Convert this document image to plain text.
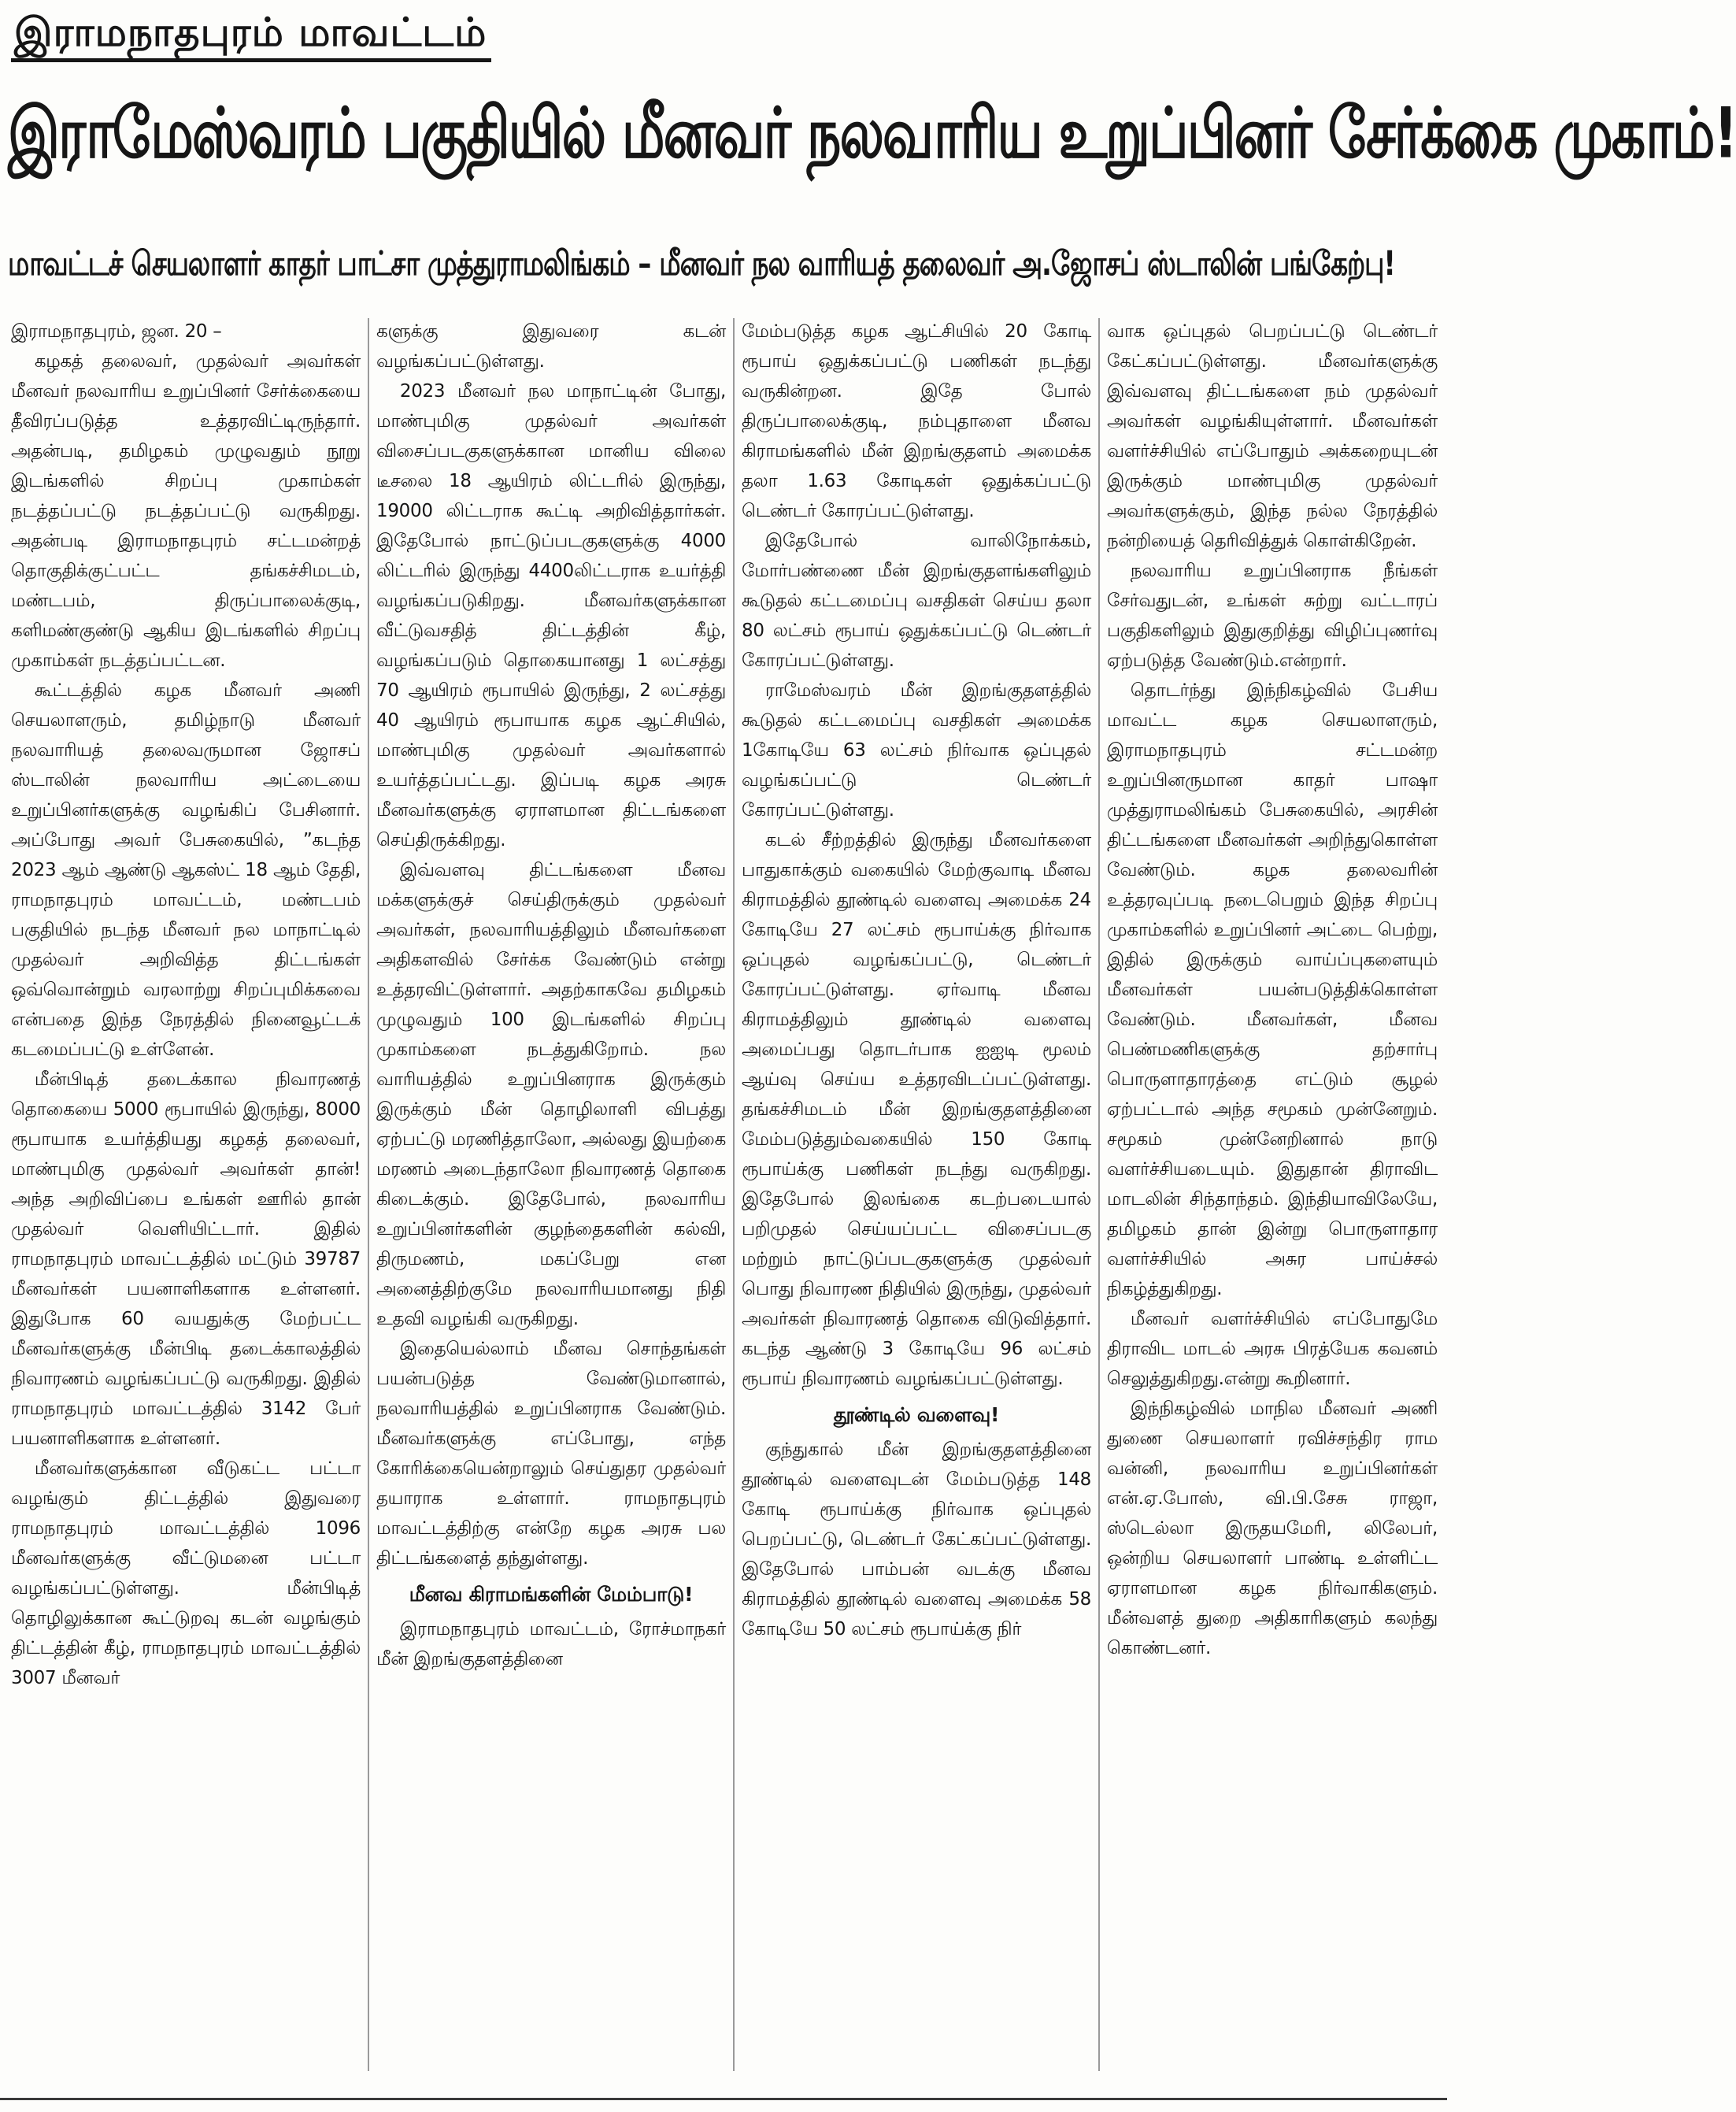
இராமநாதபுரம் மாவட்டம்
இராமேஸ்வரம் பகுதியில் மீனவர் நலவாரிய உறுப்பினர் சேர்க்கை முகாம்!
மாவட்டச் செயலாளர் காதர் பாட்சா முத்துராமலிங்கம் – மீனவர் நல வாரியத் தலைவர் அ.ஜோசப் ஸ்டாலின் பங்கேற்பு!

இராமநாதபுரம், ஜன. 20 –

கழகத் தலைவர், முதல்வர் அவர்கள் மீனவர் நலவாரிய உறுப்பினர் சேர்க்கையை தீவிரப்படுத்த உத்தரவிட்டிருந்தார். அதன்படி, தமிழகம் முழுவதும் நூறு இடங்களில் சிறப்பு முகாம்கள் நடத்தப்பட்டு நடத்தப்பட்டு வருகிறது. அதன்படி இராமநாதபுரம் சட்டமன்றத் தொகுதிக்குட்பட்ட தங்கச்சிமடம், மண்டபம், திருப்பாலைக்குடி, களிமண்குண்டு ஆகிய இடங்களில் சிறப்பு முகாம்கள் நடத்தப்பட்டன.

கூட்டத்தில் கழக மீனவர் அணி செயலாளரும், தமிழ்நாடு மீனவர் நலவாரியத் தலைவருமான ஜோசப் ஸ்டாலின் நலவாரிய அட்டையை உறுப்பினர்களுக்கு வழங்கிப் பேசினார். அப்போது அவர் பேசுகையில், ”கடந்த 2023 ஆம் ஆண்டு ஆகஸ்ட் 18 ஆம் தேதி, ராமநாதபுரம் மாவட்டம், மண்டபம் பகுதியில் நடந்த மீனவர் நல மாநாட்டில் முதல்வர் அறிவித்த திட்டங்கள் ஒவ்வொன்றும் வரலாற்று சிறப்புமிக்கவை என்பதை இந்த நேரத்தில் நினைவூட்டக் கடமைப்பட்டு உள்ளேன்.

மீன்பிடித் தடைக்கால நிவாரணத் தொகையை 5000 ரூபாயில் இருந்து, 8000 ரூபாயாக உயர்த்தியது கழகத் தலைவர், மாண்புமிகு முதல்வர் அவர்கள் தான்! அந்த அறிவிப்பை உங்கள் ஊரில் தான் முதல்வர் வெளியிட்டார். இதில் ராமநாதபுரம் மாவட்டத்தில் மட்டும் 39787 மீனவர்கள் பயனாளிகளாக உள்ளனர். இதுபோக 60 வயதுக்கு மேற்பட்ட மீனவர்களுக்கு மீன்பிடி தடைக்காலத்தில் நிவாரணம் வழங்கப்பட்டு வருகிறது. இதில் ராமநாதபுரம் மாவட்டத்தில் 3142 பேர் பயனாளிகளாக உள்ளனர்.

மீனவர்களுக்கான வீடுகட்ட பட்டா வழங்கும் திட்டத்தில் இதுவரை ராமநாதபுரம் மாவட்டத்தில் 1096 மீனவர்களுக்கு வீட்டுமனை பட்டா வழங்கப்பட்டுள்ளது. மீன்பிடித் தொழிலுக்கான கூட்டுறவு கடன் வழங்கும் திட்டத்தின் கீழ், ராமநாதபுரம் மாவட்டத்தில் 3007 மீனவர்

களுக்கு இதுவரை கடன் வழங்கப்பட்டுள்ளது.

2023 மீனவர் நல மாநாட்டின் போது, மாண்புமிகு முதல்வர் அவர்கள் விசைப்படகுகளுக்கான மானிய விலை டீசலை 18 ஆயிரம் லிட்டரில் இருந்து, 19000 லிட்டராக கூட்டி அறிவித்தார்கள். இதேபோல் நாட்டுப்படகுகளுக்கு 4000 லிட்டரில் இருந்து 4400லிட்டராக உயர்த்தி வழங்கப்படுகிறது. மீனவர்களுக்கான வீட்டுவசதித் திட்டத்தின் கீழ், வழங்கப்படும் தொகையானது 1 லட்சத்து 70 ஆயிரம் ரூபாயில் இருந்து, 2 லட்சத்து 40 ஆயிரம் ரூபாயாக கழக ஆட்சியில், மாண்புமிகு முதல்வர் அவர்களால் உயர்த்தப்பட்டது. இப்படி கழக அரசு மீனவர்களுக்கு ஏராளமான திட்டங்களை செய்திருக்கிறது.

இவ்வளவு திட்டங்களை மீனவ மக்களுக்குச் செய்திருக்கும் முதல்வர் அவர்கள், நலவாரியத்திலும் மீனவர்களை அதிகளவில் சேர்க்க வேண்டும் என்று உத்தரவிட்டுள்ளார். அதற்காகவே தமிழகம் முழுவதும் 100 இடங்களில் சிறப்பு முகாம்களை நடத்துகிறோம். நல வாரியத்தில் உறுப்பினராக இருக்கும் இருக்கும் மீன் தொழிலாளி விபத்து ஏற்பட்டு மரணித்தாலோ, அல்லது இயற்கை மரணம் அடைந்தாலோ நிவாரணத் தொகை கிடைக்கும். இதேபோல், நலவாரிய உறுப்பினர்களின் குழந்தைகளின் கல்வி, திருமணம், மகப்பேறு என அனைத்திற்குமே நலவாரியமானது நிதி உதவி வழங்கி வருகிறது.

இதையெல்லாம் மீனவ சொந்தங்கள் பயன்படுத்த வேண்டுமானால், நலவாரியத்தில் உறுப்பினராக வேண்டும். மீனவர்களுக்கு எப்போது, எந்த கோரிக்கையென்றாலும் செய்துதர முதல்வர் தயாராக உள்ளார். ராமநாதபுரம் மாவட்டத்திற்கு என்றே கழக அரசு பல திட்டங்களைத் தந்துள்ளது.

மீனவ கிராமங்களின் மேம்பாடு!

இராமநாதபுரம் மாவட்டம், ரோச்மாநகர் மீன் இறங்குதளத்தினை

மேம்படுத்த கழக ஆட்சியில் 20 கோடி ரூபாய் ஒதுக்கப்பட்டு பணிகள் நடந்து வருகின்றன. இதே போல் திருப்பாலைக்குடி, நம்புதாளை மீனவ கிராமங்களில் மீன் இறங்குதளம் அமைக்க தலா 1.63 கோடிகள் ஒதுக்கப்பட்டு டெண்டர் கோரப்பட்டுள்ளது.

இதேபோல் வாலிநோக்கம், மோர்பண்ணை மீன் இறங்குதளங்களிலும் கூடுதல் கட்டமைப்பு வசதிகள் செய்ய தலா 80 லட்சம் ரூபாய் ஒதுக்கப்பட்டு டெண்டர் கோரப்பட்டுள்ளது.

ராமேஸ்வரம் மீன் இறங்குதளத்தில் கூடுதல் கட்டமைப்பு வசதிகள் அமைக்க 1கோடியே 63 லட்சம் நிர்வாக ஒப்புதல் வழங்கப்பட்டு டெண்டர் கோரப்பட்டுள்ளது.

கடல் சீற்றத்தில் இருந்து மீனவர்களை பாதுகாக்கும் வகையில் மேற்குவாடி மீனவ கிராமத்தில் தூண்டில் வளைவு அமைக்க 24 கோடியே 27 லட்சம் ரூபாய்க்கு நிர்வாக ஒப்புதல் வழங்கப்பட்டு, டெண்டர் கோரப்பட்டுள்ளது. ஏர்வாடி மீனவ கிராமத்திலும் தூண்டில் வளைவு அமைப்பது தொடர்பாக ஐஐடி மூலம் ஆய்வு செய்ய உத்தரவிடப்பட்டுள்ளது. தங்கச்சிமடம் மீன் இறங்குதளத்தினை மேம்படுத்தும்வகையில் 150 கோடி ரூபாய்க்கு பணிகள் நடந்து வருகிறது. இதேபோல் இலங்கை கடற்படையால் பறிமுதல் செய்யப்பட்ட விசைப்படகு மற்றும் நாட்டுப்படகுகளுக்கு முதல்வர் பொது நிவாரண நிதியில் இருந்து, முதல்வர் அவர்கள் நிவாரணத் தொகை விடுவித்தார். கடந்த ஆண்டு 3 கோடியே 96 லட்சம் ரூபாய் நிவாரணம் வழங்கப்பட்டுள்ளது.

தூண்டில் வளைவு!

குந்துகால் மீன் இறங்குதளத்தினை தூண்டில் வளைவுடன் மேம்படுத்த 148 கோடி ரூபாய்க்கு நிர்வாக ஒப்புதல் பெறப்பட்டு, டெண்டர் கேட்கப்பட்டுள்ளது. இதேபோல் பாம்பன் வடக்கு மீனவ கிராமத்தில் தூண்டில் வளைவு அமைக்க 58 கோடியே 50 லட்சம் ரூபாய்க்கு நிர்

வாக ஒப்புதல் பெறப்பட்டு டெண்டர் கேட்கப்பட்டுள்ளது. மீனவர்களுக்கு இவ்வளவு திட்டங்களை நம் முதல்வர் அவர்கள் வழங்கியுள்ளார். மீனவர்கள் வளர்ச்சியில் எப்போதும் அக்கறையுடன் இருக்கும் மாண்புமிகு முதல்வர் அவர்களுக்கும், இந்த நல்ல நேரத்தில் நன்றியைத் தெரிவித்துக் கொள்கிறேன்.

நலவாரிய உறுப்பினராக நீங்கள் சேர்வதுடன், உங்கள் சுற்று வட்டாரப் பகுதிகளிலும் இதுகுறித்து விழிப்புணர்வு ஏற்படுத்த வேண்டும்.என்றார்.

தொடர்ந்து இந்நிகழ்வில் பேசிய மாவட்ட கழக செயலாளரும், இராமநாதபுரம் சட்டமன்ற உறுப்பினருமான காதர் பாஷா முத்துராமலிங்கம் பேசுகையில், அரசின் திட்டங்களை மீனவர்கள் அறிந்துகொள்ள வேண்டும். கழக தலைவரின் உத்தரவுப்படி நடைபெறும் இந்த சிறப்பு முகாம்களில் உறுப்பினர் அட்டை பெற்று, இதில் இருக்கும் வாய்ப்புகளையும் மீனவர்கள் பயன்படுத்திக்கொள்ள வேண்டும். மீனவர்கள், மீனவ பெண்மணிகளுக்கு தற்சார்பு பொருளாதாரத்தை எட்டும் சூழல் ஏற்பட்டால் அந்த சமூகம் முன்னேறும். சமூகம் முன்னேறினால் நாடு வளர்ச்சியடையும். இதுதான் திராவிட மாடலின் சிந்தாந்தம். இந்தியாவிலேயே, தமிழகம் தான் இன்று பொருளாதார வளர்ச்சியில் அசுர பாய்ச்சல் நிகழ்த்துகிறது.

மீனவர் வளர்ச்சியில் எப்போதுமே திராவிட மாடல் அரசு பிரத்யேக கவனம் செலுத்துகிறது.என்று கூறினார்.

இந்நிகழ்வில் மாநில மீனவர் அணி துணை செயலாளர் ரவிச்சந்திர ராம வன்னி, நலவாரிய உறுப்பினர்கள் என்.ஏ.போஸ், வி.பி.சேசு ராஜா, ஸ்டெல்லா இருதயமேரி, லிலேபர், ஒன்றிய செயலாளர் பாண்டி உள்ளிட்ட ஏராளமான கழக நிர்வாகிகளும். மீன்வளத் துறை அதிகாரிகளும் கலந்து கொண்டனர்.
